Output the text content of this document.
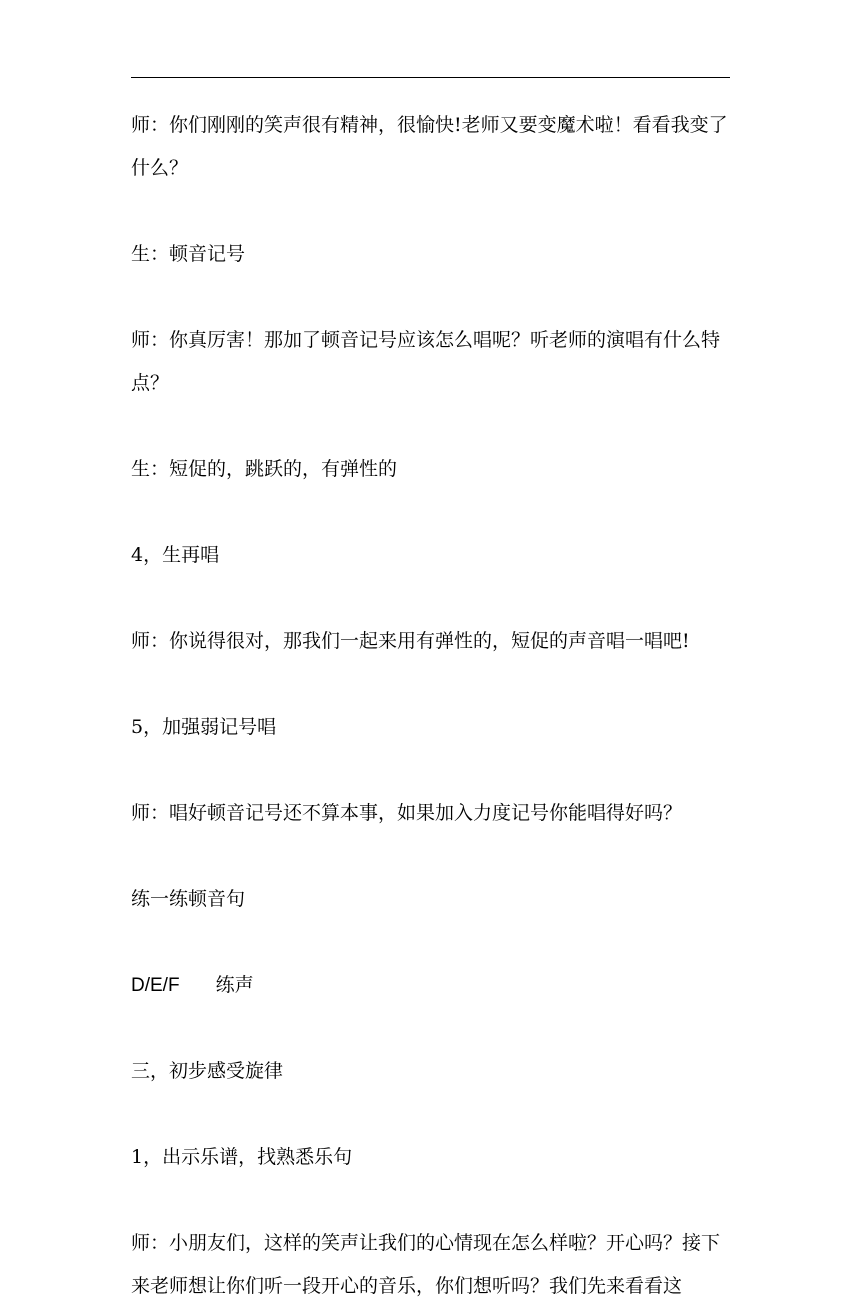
师：你们刚刚的笑声很有精神，很愉快!老师又要变魔术啦！看看我变了什么？

生：顿音记号

师：你真厉害！那加了顿音记号应该怎么唱呢？听老师的演唱有什么特点？

生：短促的，跳跃的，有弹性的

4，生再唱

师：你说得很对，那我们一起来用有弹性的，短促的声音唱一唱吧!

5，加强弱记号唱

师：唱好顿音记号还不算本事，如果加入力度记号你能唱得好吗？

练一练顿音句

D/E/F 练声

三，初步感受旋律

1，出示乐谱，找熟悉乐句

师：小朋友们，这样的笑声让我们的心情现在怎么样啦？开心吗？接下来老师想让你们听一段开心的音乐，你们想听吗？我们先来看看这
